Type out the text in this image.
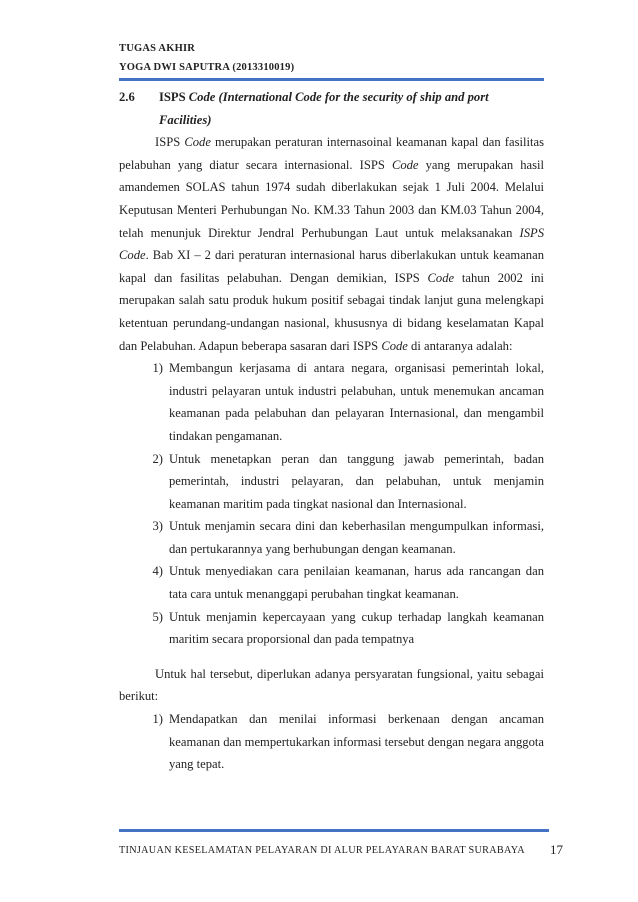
TUGAS AKHIR
YOGA DWI SAPUTRA (2013310019)
2.6	ISPS Code (International Code for the security of ship and port
Facilities)

ISPS Code merupakan peraturan internasoinal keamanan kapal dan fasilitas pelabuhan yang diatur secara internasional. ISPS Code yang merupakan hasil amandemen SOLAS tahun 1974 sudah diberlakukan sejak 1 Juli 2004. Melalui Keputusan Menteri Perhubungan No. KM.33 Tahun 2003 dan KM.03 Tahun 2004, telah menunjuk Direktur Jendral Perhubungan Laut untuk melaksanakan ISPS Code. Bab XI – 2 dari peraturan internasional harus diberlakukan untuk keamanan kapal dan fasilitas pelabuhan. Dengan demikian, ISPS Code tahun 2002 ini merupakan salah satu produk hukum positif sebagai tindak lanjut guna melengkapi ketentuan perundang-undangan nasional, khususnya di bidang keselamatan Kapal dan Pelabuhan. Adapun beberapa sasaran dari ISPS Code di antaranya adalah:

1) Membangun kerjasama di antara negara, organisasi pemerintah lokal, industri pelayaran untuk industri pelabuhan, untuk menemukan ancaman keamanan pada pelabuhan dan pelayaran Internasional, dan mengambil tindakan pengamanan.
2) Untuk menetapkan peran dan tanggung jawab pemerintah, badan pemerintah, industri pelayaran, dan pelabuhan, untuk menjamin keamanan maritim pada tingkat nasional dan Internasional.
3) Untuk menjamin secara dini dan keberhasilan mengumpulkan informasi, dan pertukarannya yang berhubungan dengan keamanan.
4) Untuk menyediakan cara penilaian keamanan, harus ada rancangan dan tata cara untuk menanggapi perubahan tingkat keamanan.
5) Untuk menjamin kepercayaan yang cukup terhadap langkah keamanan maritim secara proporsional dan pada tempatnya

Untuk hal tersebut, diperlukan adanya persyaratan fungsional, yaitu sebagai berikut:

1) Mendapatkan dan menilai informasi berkenaan dengan ancaman keamanan dan mempertukarkan informasi tersebut dengan negara anggota yang tepat.
TINJAUAN KESELAMATAN PELAYARAN DI ALUR PELAYARAN BARAT SURABAYA 17
